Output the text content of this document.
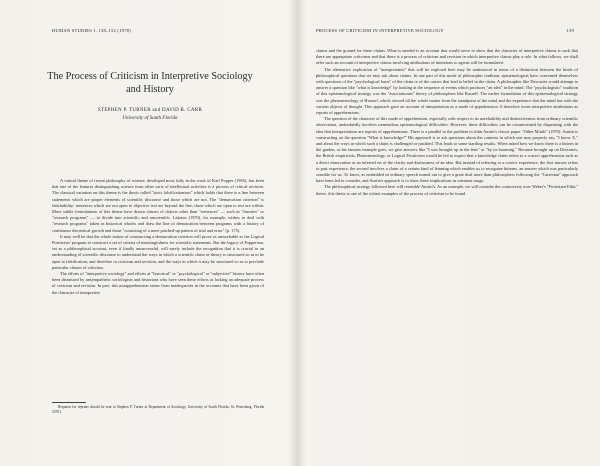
HUMAN STUDIES 1, 138–152 (1978)
The Process of Criticism in Interpretive Sociology and History
STEPHEN P. TURNER and DAVID R. CARR
University of South Florida

A central theme of recent philosophy of science, developed most fully in the work of Karl Popper (1965), has been that one of the features distinguishing science from other sorts of intellectual activities is a process of critical revision. The classical variation on this theme is the thesis called "strict falsificationism" which holds that there is a line between statements which are proper elements of scientific discourse and those which are not. The "demarcation criterion" is falsifiability: sentences which are not open to objective test are beyond the line; those which are open to test are within. More subtle formulations of this theme have drawn classes of objects other than "sentences" — such as "theories" or "research programs" — to divide into scientific and unscientific. Lakatos (1970), for example, wishes to deal with "research programs" taken as historical wholes and draw the line of demarcation between programs with a history of continuous theoretical growth and those "consisting of a mere patched-up pattern of trial and error" (p. 175).

It may well be that the whole notion of constructing a demarcation criterion will prove as unworkable as the Logical Positivists' program to construct a set of criteria of meaningfulness for scientific statements. But the legacy of Popperism, set as a philosophical account, even if finally unsuccessful, will surely include the recognition that it is crucial to an understanding of scientific discourse to understand the ways in which a scientific claim or theory is structured so as to be open to falsification, and therefore to criticism and revision, and the ways in which it may be structured so as to preclude particular classes of criticism.

The efforts of "interpretive sociology" and efforts at "historical" or "psychological" or "subjective" history have often been dismissed by unsympathetic sociologists and historians who have seen these efforts as lacking an adequate process of criticism and revision. In part, this misapprehension stems from inadequacies in the accounts that have been given of the character of interpretive

Requests for reprints should be sent to Stephen P. Turner at Department of Sociology, University of South Florida, St. Petersburg, Florida 33701.

PROCESS OF CRITICISM IN INTERPRETIVE SOCIOLOGY	139

claims and the ground for these claims. What is needed is an account that would serve to show that the character of interpretive claims is such that there are appropriate criticisms and that there is a process of criticism and revision in which interpretive claims play a role. In what follows, we shall offer such an account of interpretive claims involving attributions of intentions to agents will be formulated.

The alternative explication of "interpretation" that will be explored here may be understood in terms of a distinction between the kinds of philosophical questions that we may ask about claims. In one part of this mode of philosophic tradition, epistemologists have concerned themselves with questions of the "psychological basis" of the claim or of the causes that lead to belief in the claim. A philosopher like Descartes would attempt to answer a question like "what is knowledge" by looking at the sequence of events which produces "an idea" in the mind. The "psychologistic" tradition of this epistemological strategy was the "associationist" theory of philosophers like Russell. The earlier formulation of this epistemological strategy was the phenomenology of Husserl, which viewed all the whole matter from the standpoint of the mind and the experience that the mind has with the various objects of thought. This approach gave an account of interpretation as a mode of apprehension. It therefore treats interpretive attributions as reports of apprehensions.

The question of the character of this mode of apprehension, especially with respect to its unreliability and distinctiveness from ordinary scientific observation, undoubtedly involves tremendous epistemological difficulties. However, these difficulties can be circumvented by dispensing with the idea that interpretations are reports of apprehensions. There is a parallel to the problem in John Austin's classic paper "Other Minds" (1970). Austin is constructing on the question "What is knowledge?" His approach is to ask questions about the contexts in which one may properly say, "I know X," and about the ways in which such a claim is challenged or justified. This leads to some startling results. When asked how we know there is a bittern in the garden, as his famous example goes, we give answers like "I was brought up in the fens" or "by its booming." Because brought up on Descartes, the British empiricists, Phenomenology, or Logical Positivism would be led to expect that a knowledge claim refers to a correct apprehension such as a direct observation or an inferred set of the clarity and distinctness of an idea. But instead of referring to a correct experience, the first answer refers to past experience, the second involves a claim of a certain kind of learning which enables us to recognize bitterns, an answer which was particularly sensible for us. To know, as embedded in ordinary speech turned out to give a great deal more than philosophers following the "Cartesian" approach have been led to consider, and Austin's approach is to show these implications in common usage.

The philosophical strategy followed here will resemble Austin's. As an example, we will consider the controversy over Weber's "Protestant Ethic" thesis: this thesis is one of the richest examples of the process of criticism to be found
